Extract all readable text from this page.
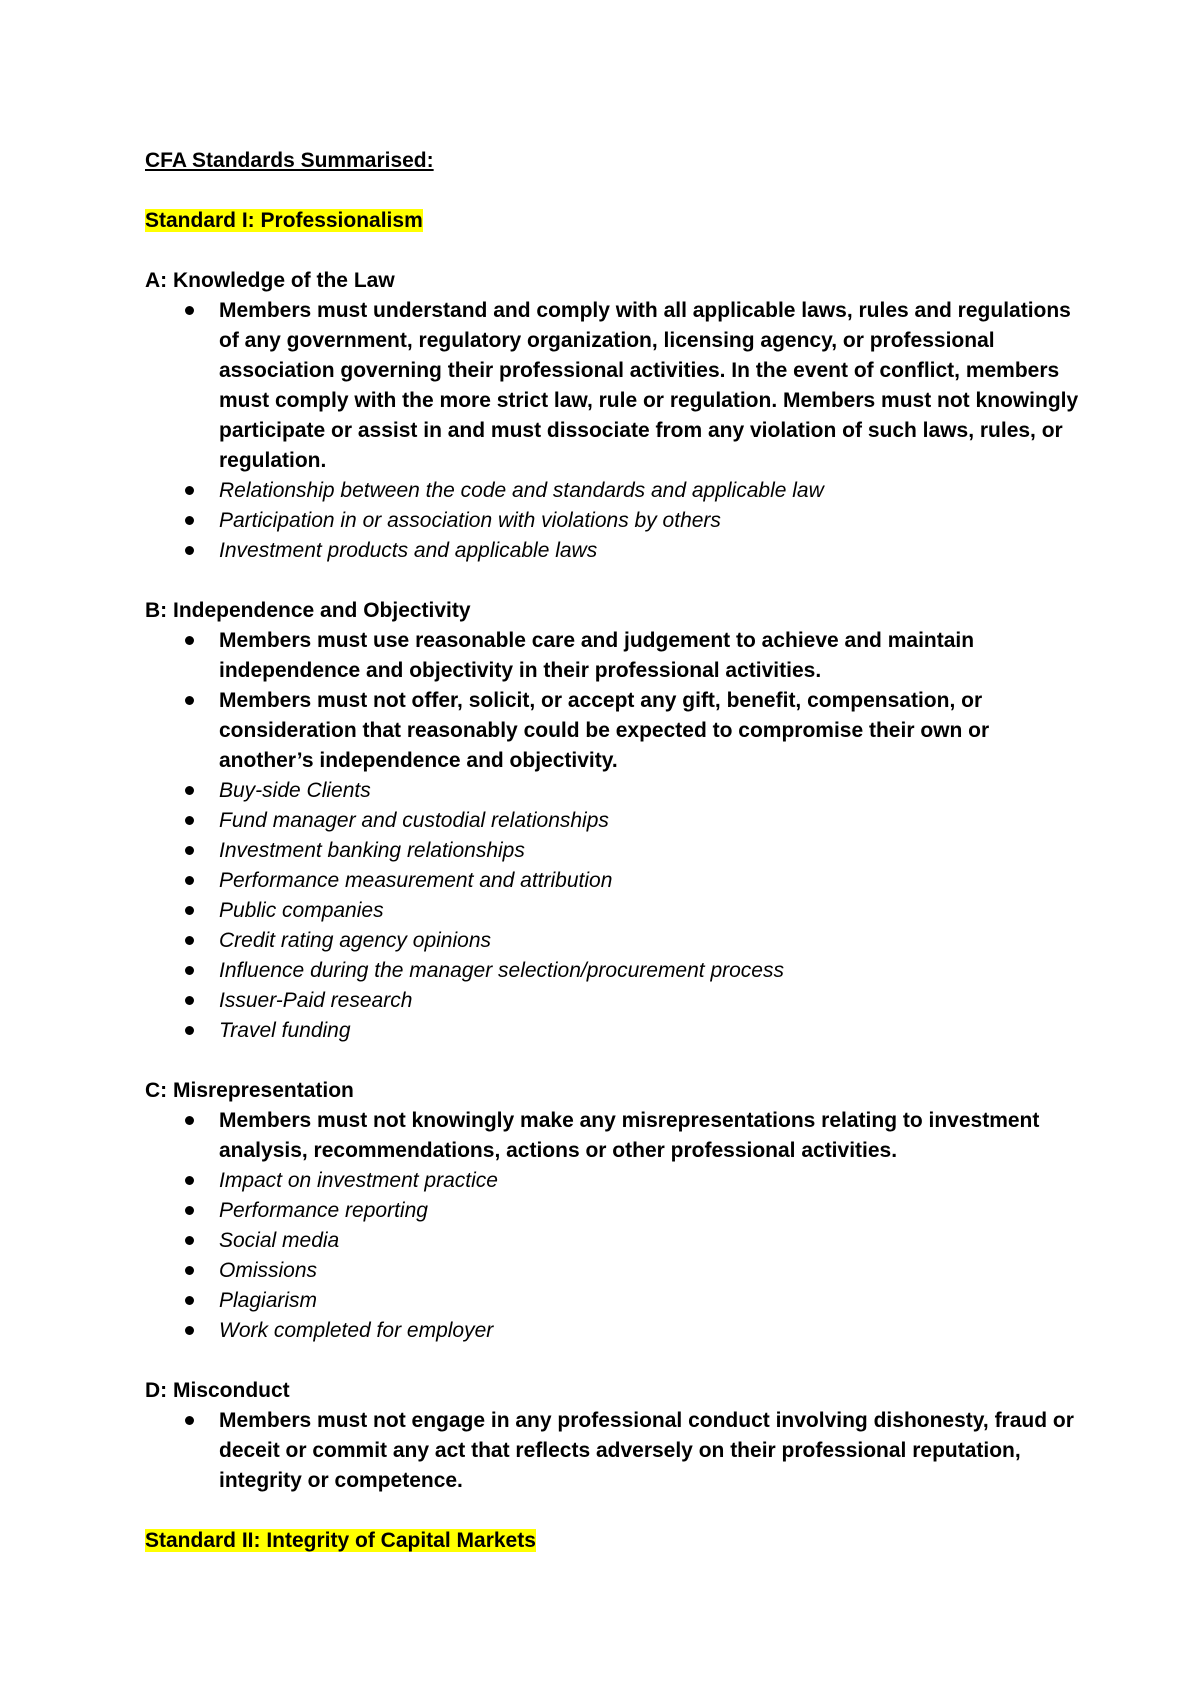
CFA Standards Summarised:

Standard I: Professionalism

A: Knowledge of the Law

Members must understand and comply with all applicable laws, rules and regulations of any government, regulatory organization, licensing agency, or professional association governing their professional activities. In the event of conflict, members must comply with the more strict law, rule or regulation. Members must not knowingly participate or assist in and must dissociate from any violation of such laws, rules, or regulation.
Relationship between the code and standards and applicable law
Participation in or association with violations by others
Investment products and applicable laws

B: Independence and Objectivity

Members must use reasonable care and judgement to achieve and maintain independence and objectivity in their professional activities.
Members must not offer, solicit, or accept any gift, benefit, compensation, or consideration that reasonably could be expected to compromise their own or another’s independence and objectivity.
Buy-side Clients
Fund manager and custodial relationships
Investment banking relationships
Performance measurement and attribution
Public companies
Credit rating agency opinions
Influence during the manager selection/procurement process
Issuer-Paid research
Travel funding

C: Misrepresentation

Members must not knowingly make any misrepresentations relating to investment analysis, recommendations, actions or other professional activities.
Impact on investment practice
Performance reporting
Social media
Omissions
Plagiarism
Work completed for employer

D: Misconduct

Members must not engage in any professional conduct involving dishonesty, fraud or deceit or commit any act that reflects adversely on their professional reputation, integrity or competence.

Standard II: Integrity of Capital Markets
